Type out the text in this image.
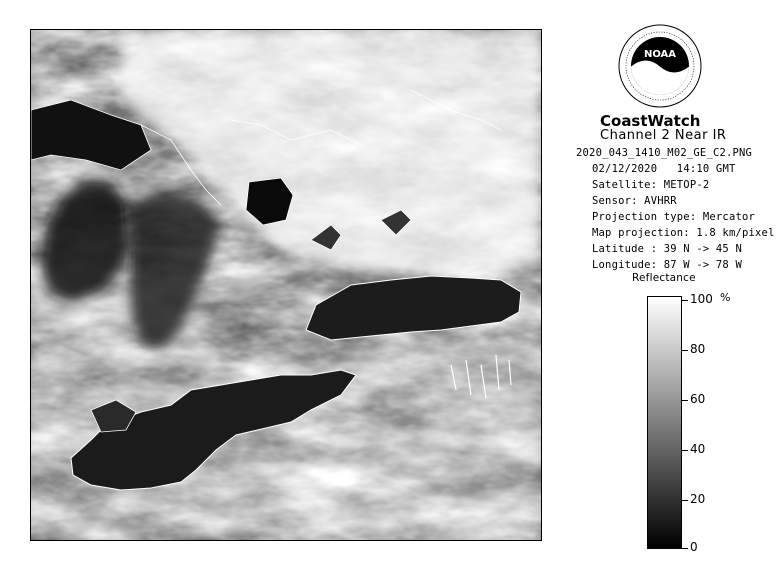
NOAA
CoastWatch
Channel 2 Near IR
2020_043_1410_M02_GE_C2.PNG
02/12/2020 14:10 GMT
Satellite: METOP-2
Sensor: AVHRR
Projection type: Mercator
Map projection: 1.8 km/pixel
Latitude : 39 N -> 45 N
Longitude: 87 W -> 78 W
Reflectance
%
100
80
60
40
20
0
